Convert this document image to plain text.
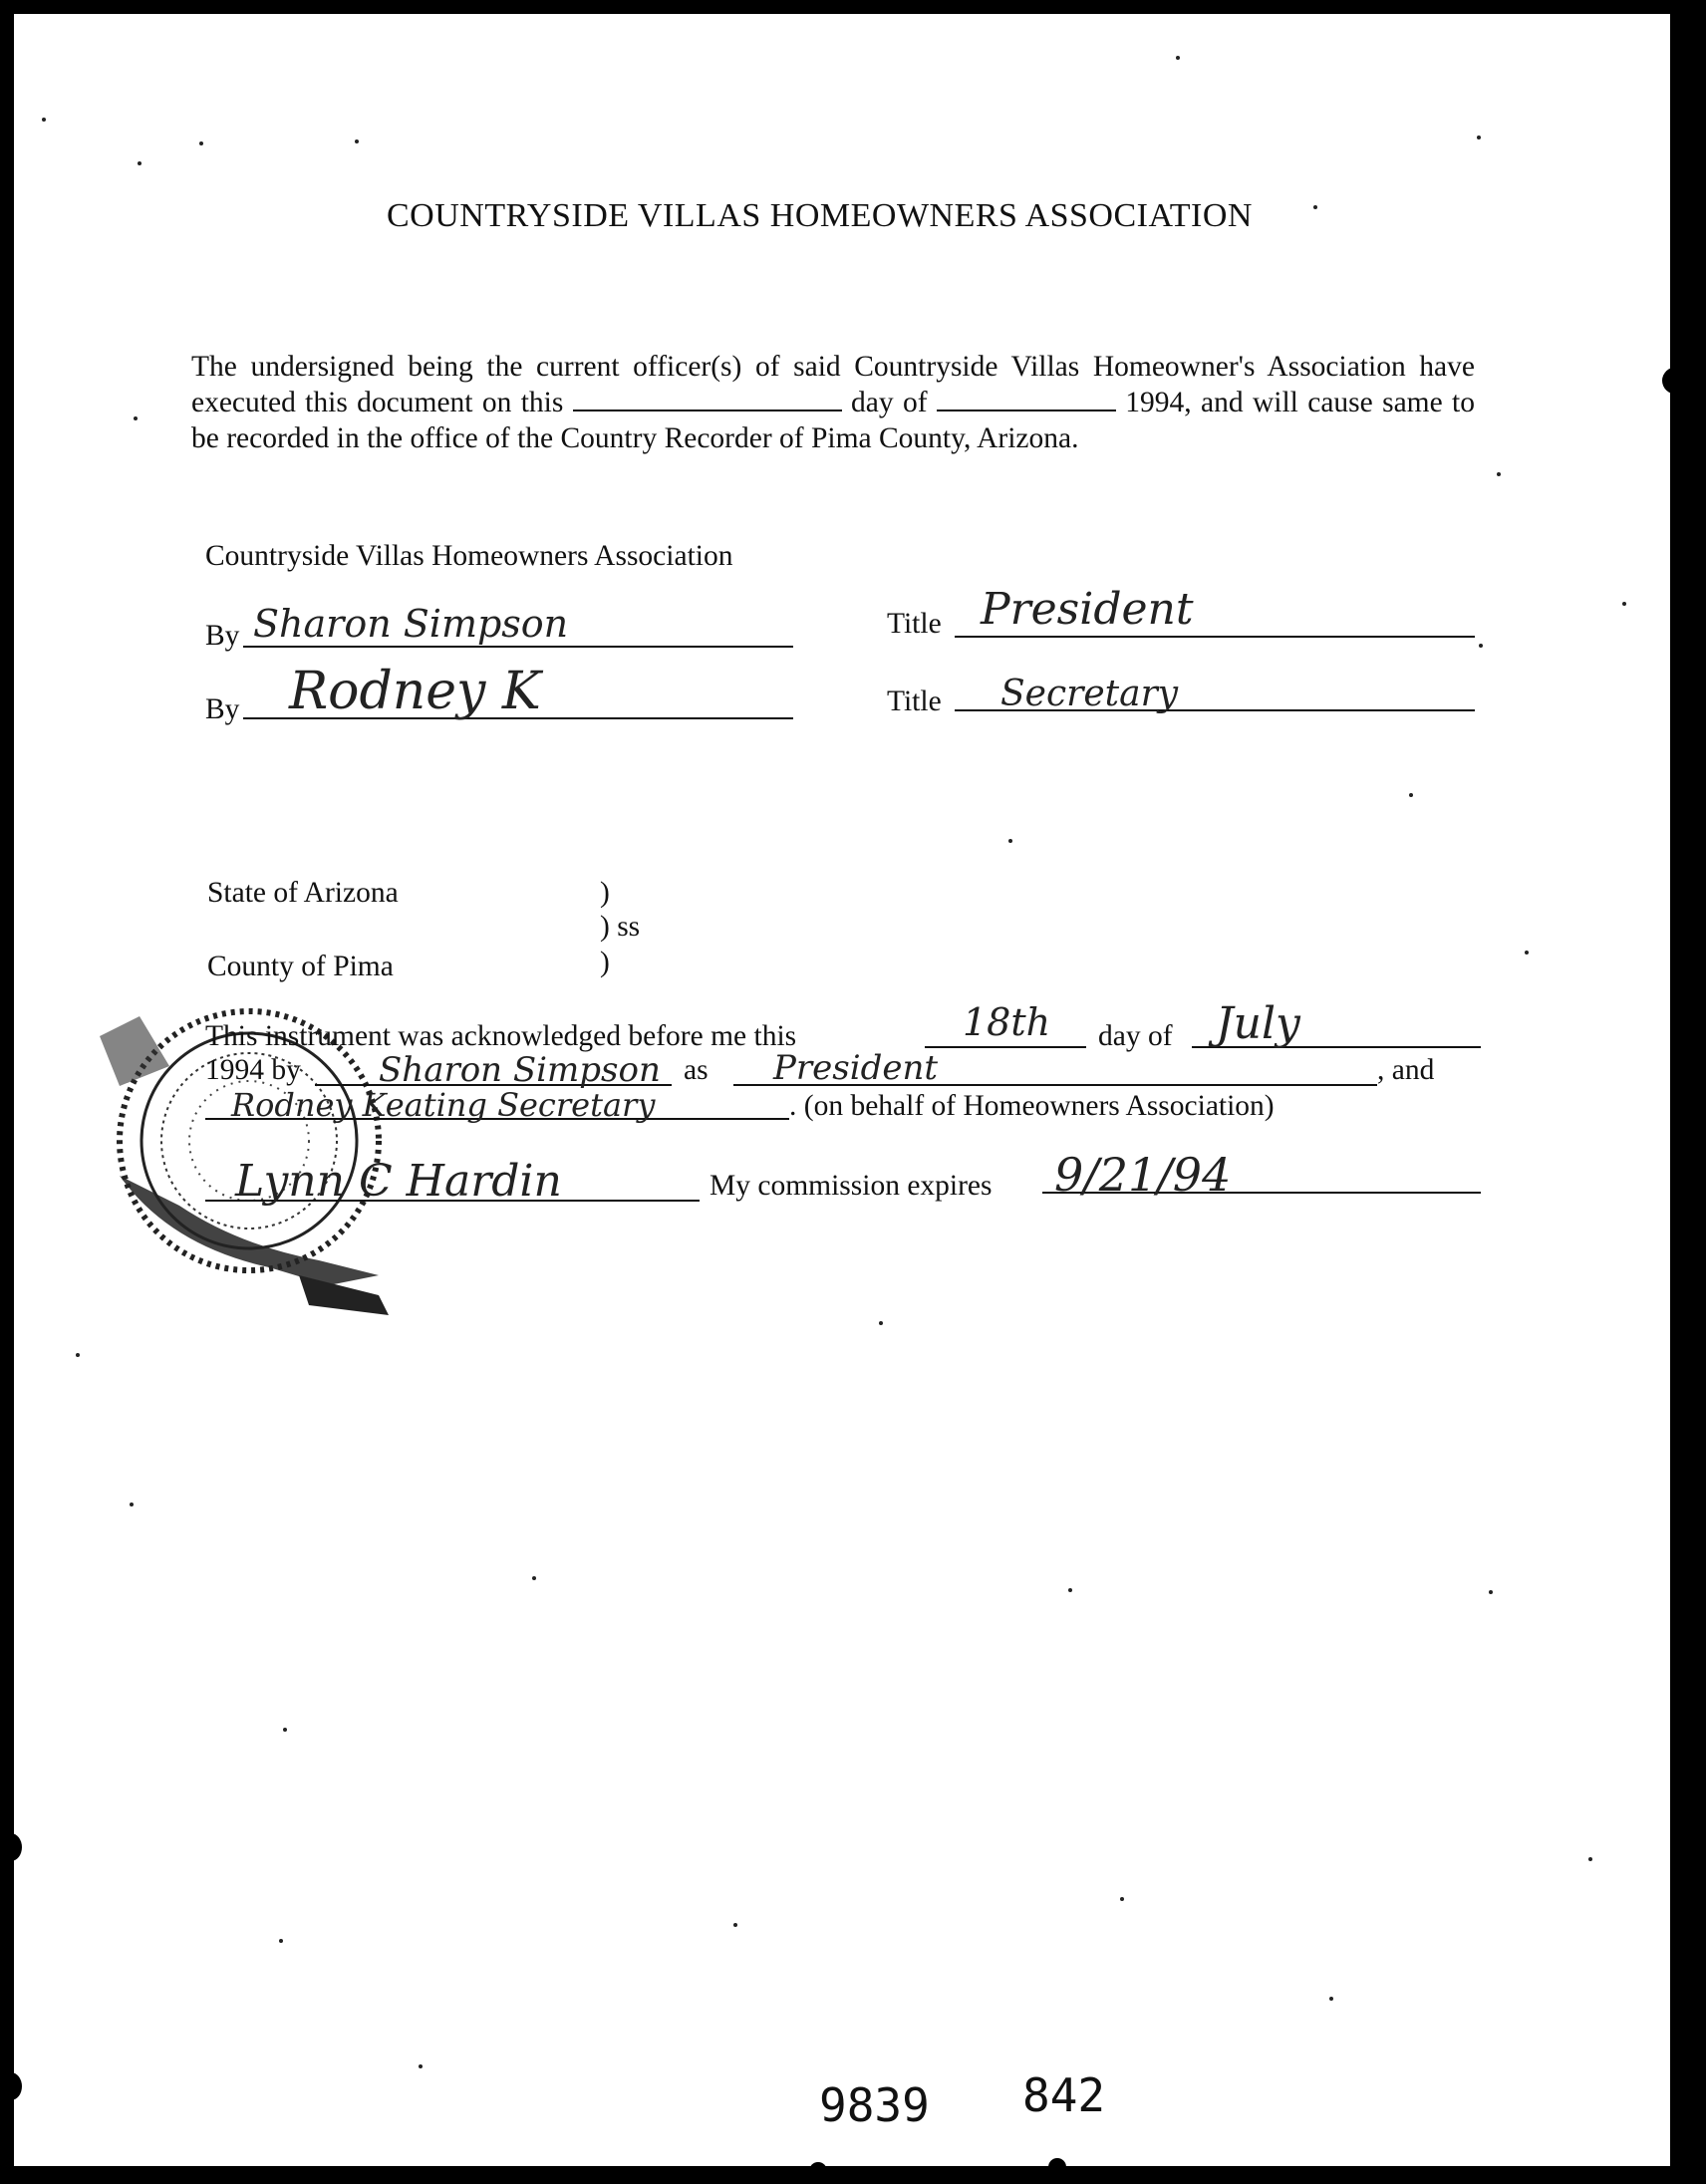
COUNTRYSIDE VILLAS HOMEOWNERS ASSOCIATION
The undersigned being the current officer(s) of said Countryside Villas Homeowner's Association have executed this document on this	day of	1994, and will cause same to be recorded in the office of the Country Recorder of Pima County, Arizona.
Countryside Villas Homeowners Association
By Sharon Simpson	Title President
By Rodney K	Title Secretary
State of Arizona	)
) ss
County of Pima	)
This instrument was acknowledged before me this	18th day of July
1994 by Sharon Simpson as President	, and
Rodney Keating Secretary	. (on behalf of Homeowners Association)
Lynn C Hardin	My commission expires 9/21/94
9839 842
